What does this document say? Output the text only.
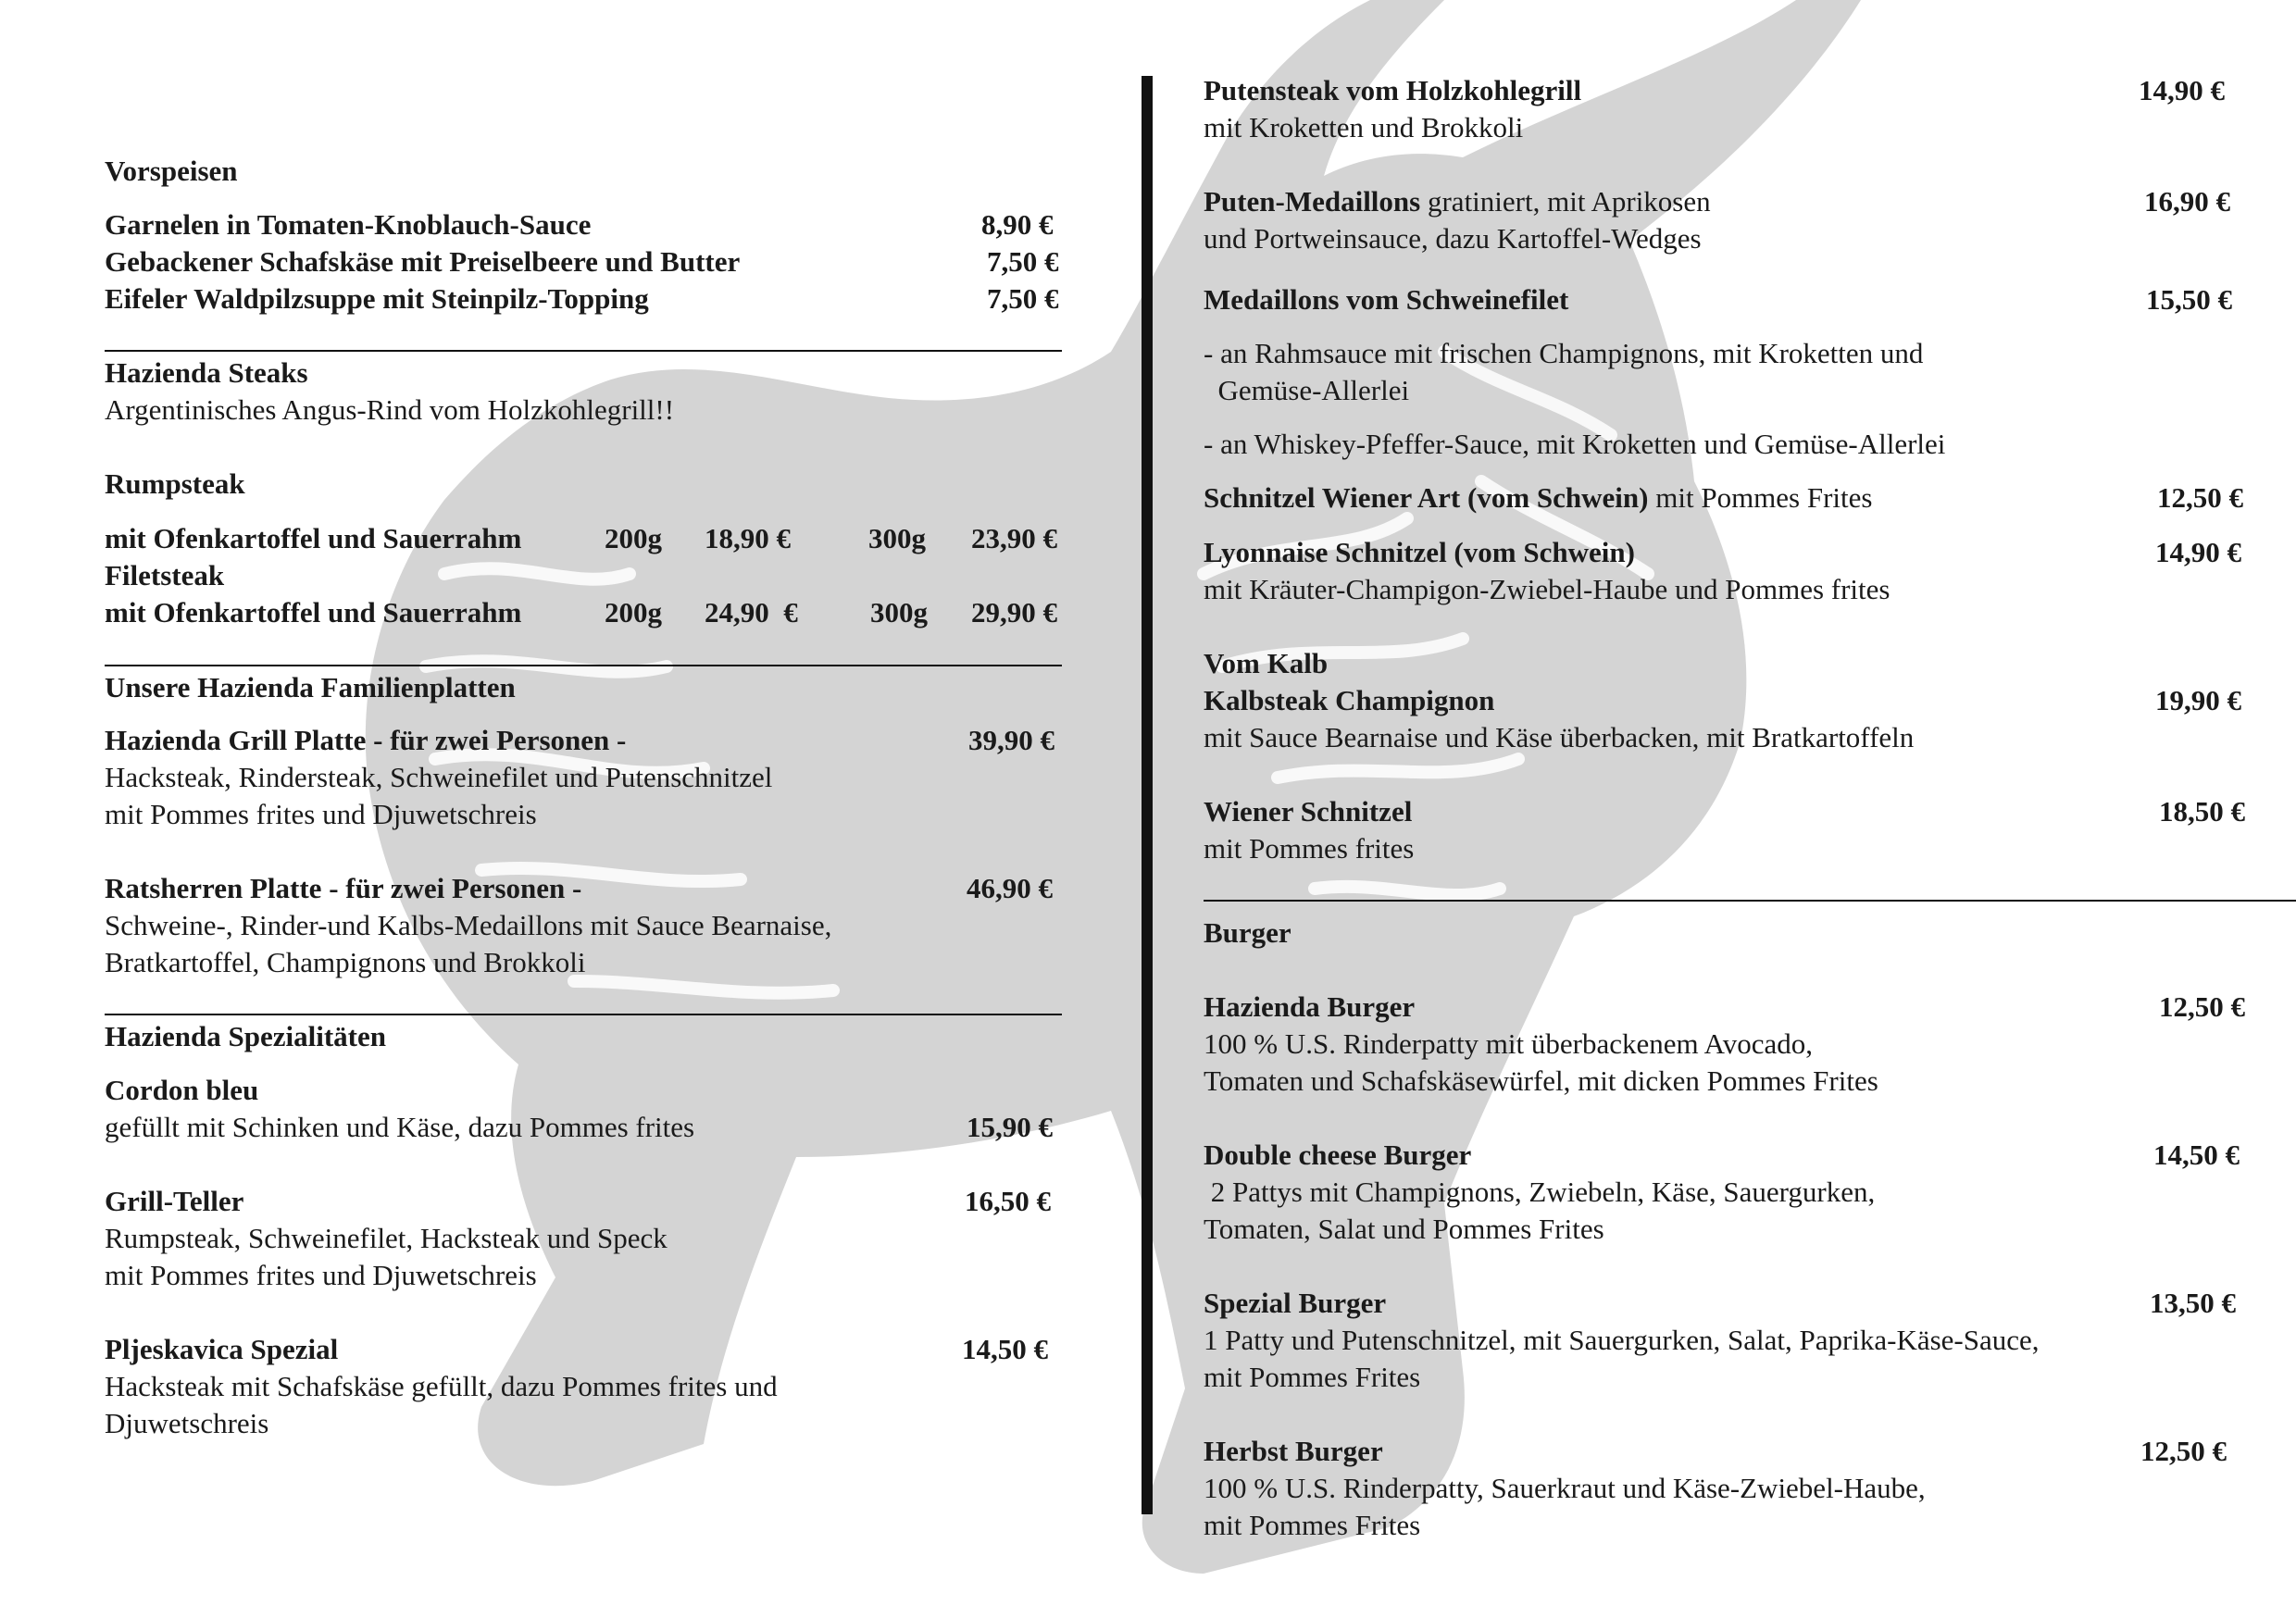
Vorspeisen
Garnelen in Tomaten-Knoblauch-Sauce	8,90 €
Gebackener Schafskäse mit Preiselbeere und Butter	7,50 €
Eifeler Waldpilzsuppe mit Steinpilz-Topping	7,50 €
Hazienda Steaks
Argentinisches Angus-Rind vom Holzkohlegrill!!
Rumpsteak
mit Ofenkartoffel und Sauerrahm	200g 18,90 €	300g 23,90 €
Filetsteak
mit Ofenkartoffel und Sauerrahm	200g 24,90  €	300g 29,90 €
Unsere Hazienda Familienplatten
Hazienda Grill Platte - für zwei Personen -	39,90 €
Hacksteak, Rindersteak, Schweinefilet und Putenschnitzel
mit Pommes frites und Djuwetschreis
Ratsherren Platte - für zwei Personen -	46,90 €
Schweine-, Rinder-und Kalbs-Medaillons mit Sauce Bearnaise,
Bratkartoffel, Champignons und Brokkoli
Hazienda Spezialitäten
Cordon bleu
gefüllt mit Schinken und Käse, dazu Pommes frites	15,90 €
Grill-Teller	16,50 €
Rumpsteak, Schweinefilet, Hacksteak und Speck
mit Pommes frites und Djuwetschreis
Pljeskavica Spezial	14,50 €
Hacksteak mit Schafskäse gefüllt, dazu Pommes frites und
Djuwetschreis
Putensteak vom Holzkohlegrill	14,90 €
mit Kroketten und Brokkoli
Puten-Medaillons gratiniert, mit Aprikosen	16,90 €
und Portweinsauce, dazu Kartoffel-Wedges
Medaillons vom Schweinefilet	15,50 €
- an Rahmsauce mit frischen Champignons, mit Kroketten und
Gemüse-Allerlei
- an Whiskey-Pfeffer-Sauce, mit Kroketten und Gemüse-Allerlei
Schnitzel Wiener Art (vom Schwein) mit Pommes Frites	12,50 €
Lyonnaise Schnitzel (vom Schwein)	14,90 €
mit Kräuter-Champigon-Zwiebel-Haube und Pommes frites
Vom Kalb
Kalbsteak Champignon	19,90 €
mit Sauce Bearnaise und Käse überbacken, mit Bratkartoffeln
Wiener Schnitzel	18,50 €
mit Pommes frites
Burger
Hazienda Burger	12,50 €
100 % U.S. Rinderpatty mit überbackenem Avocado,
Tomaten und Schafskäsewürfel, mit dicken Pommes Frites
Double cheese Burger	14,50 €
2 Pattys mit Champignons, Zwiebeln, Käse, Sauergurken,
Tomaten, Salat und Pommes Frites
Spezial Burger	13,50 €
1 Patty und Putenschnitzel, mit Sauergurken, Salat, Paprika-Käse-Sauce,
mit Pommes Frites
Herbst Burger	12,50 €
100 % U.S. Rinderpatty, Sauerkraut und Käse-Zwiebel-Haube,
mit Pommes Frites
